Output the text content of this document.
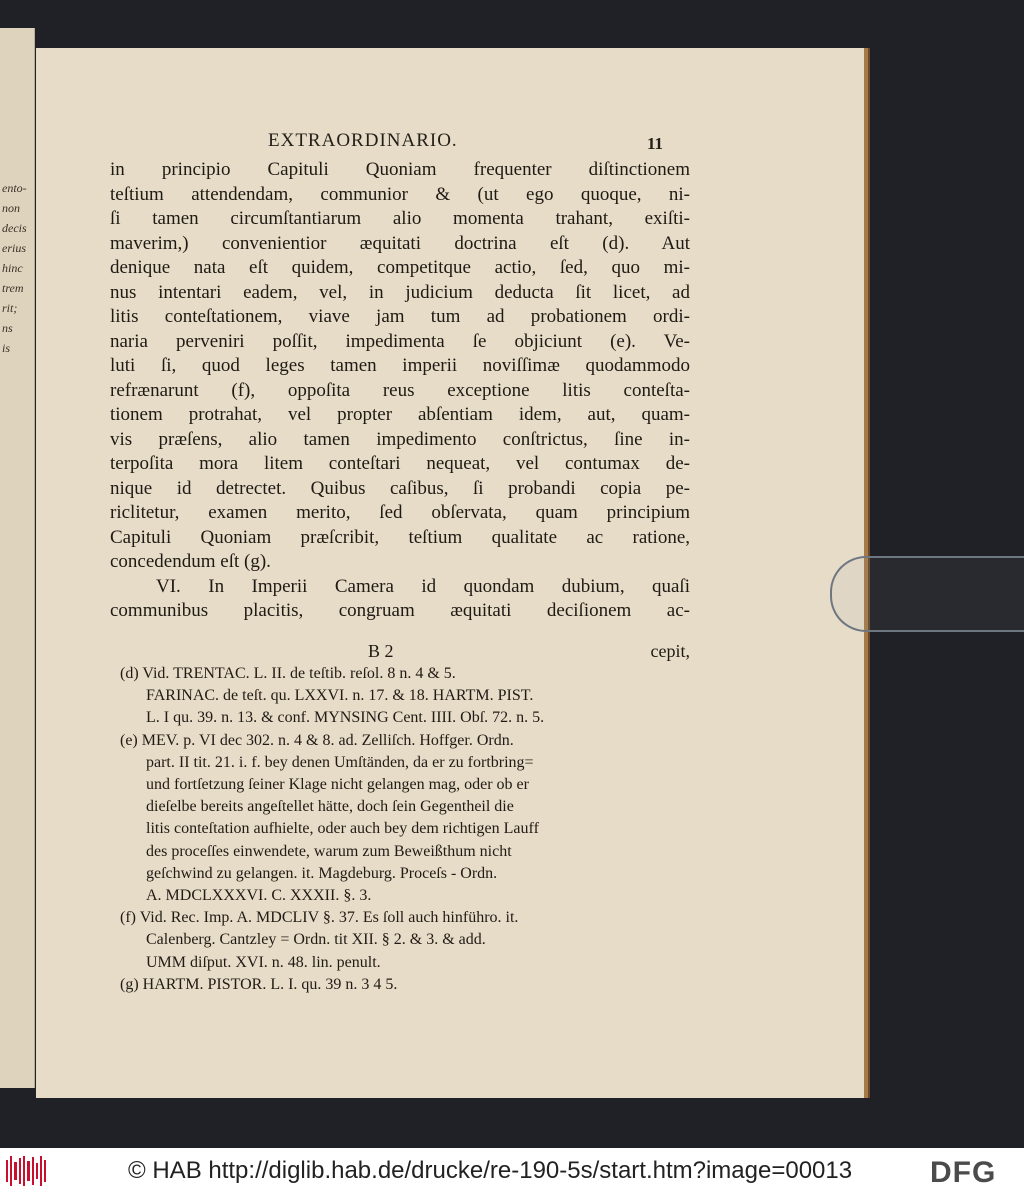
ento-
non
decis
erius
hinc
trem
rit;
ns
is
EXTRAORDINARIO.	11
in principio Capituli Quoniam frequenter diſtinctionem
teſtium attendendam, communior & (ut ego quoque, ni-
ſi tamen circumſtantiarum alio momenta trahant, exiſti-
maverim,) convenientior æquitati doctrina eſt (d). Aut
denique nata eſt quidem, competitque actio, ſed, quo mi-
nus intentari eadem, vel, in judicium deducta ſit licet, ad
litis conteſtationem, viave jam tum ad probationem ordi-
naria perveniri poſſit, impedimenta ſe objiciunt (e). Ve-
luti ſi, quod leges tamen imperii noviſſimæ quodammodo
refrænarunt (f), oppoſita reus exceptione litis conteſta-
tionem protrahat, vel propter abſentiam idem, aut, quam-
vis præſens, alio tamen impedimento conſtrictus, ſine in-
terpoſita mora litem conteſtari nequeat, vel contumax de-
nique id detrectet. Quibus caſibus, ſi probandi copia pe-
riclitetur, examen merito, ſed obſervata, quam principium
Capituli Quoniam præſcribit, teſtium qualitate ac ratione,
concedendum eſt (g).
VI. In Imperii Camera id quondam dubium, quaſi
communibus placitis, congruam æquitati deciſionem ac-
B 2	cepit,
(d) Vid. TRENTAC. L. II. de teſtib. reſol. 8 n. 4 & 5.
FARINAC. de teſt. qu. LXXVI. n. 17. & 18. HARTM. PIST.
L. I qu. 39. n. 13. & conf. MYNSING Cent. IIII. Obſ. 72. n. 5.
(e) MEV. p. VI dec 302. n. 4 & 8. ad. Zelliſch. Hoffger. Ordn.
part. II tit. 21. i. f. bey denen Umſtänden, da er zu fortbring=
und fortſetzung ſeiner Klage nicht gelangen mag, oder ob er
dieſelbe bereits angeſtellet hätte, doch ſein Gegentheil die
litis conteſtation aufhielte, oder auch bey dem richtigen Lauff
des proceſſes einwendete, warum zum Beweißthum nicht
geſchwind zu gelangen. it. Magdeburg. Proceſs - Ordn.
A. MDCLXXXVI. C. XXXII. §. 3.
(f) Vid. Rec. Imp. A. MDCLIV §. 37. Es ſoll auch hinführo. it.
Calenberg. Cantzley = Ordn. tit XII. § 2. & 3. & add.
UMM diſput. XVI. n. 48. lin. penult.
(g) HARTM. PISTOR. L. I. qu. 39 n. 3 4 5.
© HAB http://diglib.hab.de/drucke/re-190-5s/start.htm?image=00013	DFG
